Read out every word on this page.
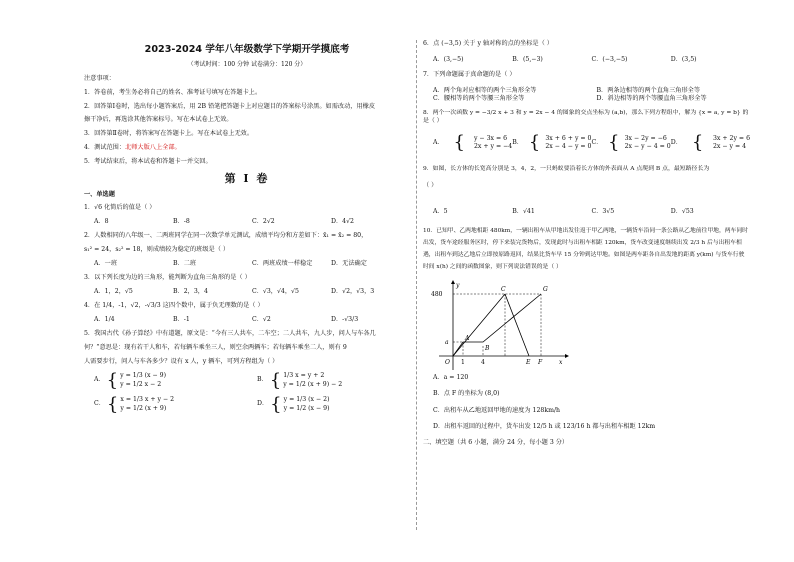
2023-2024 学年八年级数学下学期开学摸底考
（考试时间：100 分钟 试卷满分：120 分）
注意事项：
1．答卷前，考生务必将自己的姓名、准考证号填写在答题卡上。
2．回答第Ⅰ卷时，选出每小题答案后，用 2B 铅笔把答题卡上对应题目的答案标号涂黑。如需改动，用橡皮
擦干净后，再选涂其他答案标号。写在本试卷上无效。
3．回答第Ⅱ卷时，将答案写在答题卡上。写在本试卷上无效。
4．测试范围：北师大版八上全部。
5．考试结束后，将本试卷和答题卡一并交回。
第 I 卷
一、单选题
1．√6 化简后的值是（ ）
A．8	B．-8	C．2√2	D．4√2
2．人数相同的八年级一、二两班同学在同一次数学单元测试，成绩平均分和方差如下：x̄₁ = x̄₂ = 80，
s₁² = 24，s₂² = 18，则成绩较为稳定的班级是（ ）
A．一班	B．二班	C．两班成绩一样稳定	D．无法确定
3．以下列长度为边的三角形，能判断为直角三角形的是（ ）
A．1，2，√5	B．2，3，4	C．√3，√4，√5	D．√2，√3，3
4．在 1/4，-1，√2，-√3/3 这四个数中，属于负无理数的是（ ）
A．1/4	B．-1	C．√2	D．-√3/3
5．我国古代《孙子算经》中有道题，原文是：“今有三人共车，二车空；二人共车，九人步，问人与车各几
何？”意思是：现有若干人和车，若每辆车乘坐三人，则空余两辆车；若每辆车乘坐二人，则有 9
人需要步行，问人与车各多少？设有 x 人，y 辆车，可列方程组为（ ）
A． { y = 1/3 (x − 9)
y = 1/2 x − 2
B． { 1/3 x = y + 2
y = 1/2 (x + 9) − 2
C． { x = 1/3 x + y − 2
y = 1/2 (x + 9)
D． { y = 1/3 (x − 2)
y = 1/2 (x − 9)
6．点 (−3,5) 关于 y 轴对称的点的坐标是（ ）
A．(3,−5)	B．(5,−3)	C．(−3,−5)	D．(3,5)
7．下列命题属于真命题的是（ ）
A．两个角对应相等的两个三角形全等	B．两条边相等的两个直角三角形全等
C．腰相等的两个等腰三角形全等	D．斜边相等的两个等腰直角三角形全等
8．两个一次函数 y = −3/2 x + 3 和 y = 2x − 4 的图象的交点坐标为 (a,b)，那么下列方程组中，解为 {x = a, y = b} 的是（ ）
A． {	y − 3x = 6
2x + y = −4
B． { 3x + 6 + y = 0
2x − 4 − y = 0
C． { 3x − 2y = −6
2x − y − 4 = 0
D． {	3x + 2y = 6
2x − y = 4
9．如图，长方体的长宽高分别是 3，4，2，一只蚂蚁要沿着长方体的外表面从 A 点爬到 B 点，最短路径长为
（ ）
A．5	B．√41	C．3√5	D．√53
10．已知甲、乙两地相距 480km，一辆出租车从甲地出发往返于甲乙两地，一辆货车沿同一条公路从乙地前往甲地，两车同时出发，货车途经服务区时，停下来装完货物后，发现此时与出租车相距 120km，货车改变速度继续出发 2/3 h 后与出租车相遇，出租车到达乙地后立即按原路返回，结果比货车早 15 分钟到达甲地。如图是两车距各自出发地的距离 y(km) 与货车行驶时间 x(h) 之间的函数图象，则下列说法错误的是（ ）
480
C	G
A
a
B
O 1	4	E F	x
y
A．a = 120
B．点 F 的坐标为 (8,0)
C．出租车从乙地返回甲地的速度为 128km/h
D．出租车返回的过程中，货车出发 12/5 h 或 123/16 h 都与出租车相距 12km
二、填空题（共 6 小题，满分 24 分，每小题 3 分）
